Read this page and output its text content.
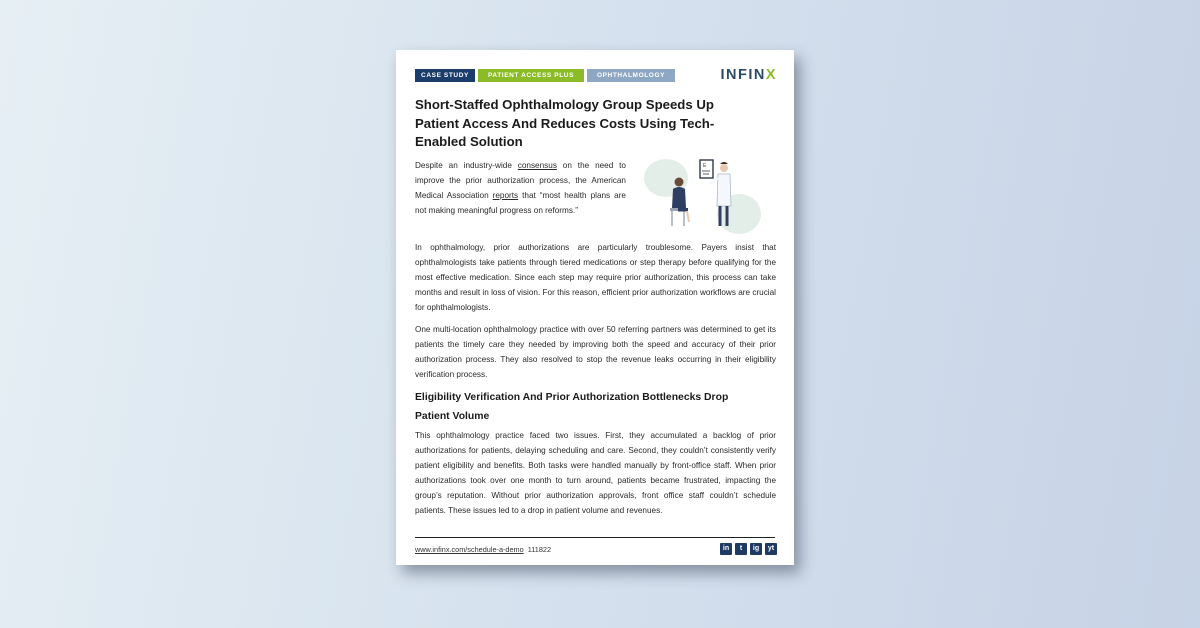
CASE STUDY	PATIENT ACCESS PLUS	OPHTHALMOLOGY	INFINX
Short-Staffed Ophthalmology Group Speeds Up Patient Access And Reduces Costs Using Tech-Enabled Solution

Despite an industry-wide consensus on the need to improve the prior authorization process, the American Medical Association reports that “most health plans are not making meaningful progress on reforms.”

E

In ophthalmology, prior authorizations are particularly troublesome. Payers insist that ophthalmologists take patients through tiered medications or step therapy before qualifying for the most effective medication. Since each step may require prior authorization, this process can take months and result in loss of vision. For this reason, efficient prior authorization workflows are crucial for ophthalmologists.

One multi-location ophthalmology practice with over 50 referring partners was determined to get its patients the timely care they needed by improving both the speed and accuracy of their prior authorization process. They also resolved to stop the revenue leaks occurring in their eligibility verification process.

Eligibility Verification And Prior Authorization Bottlenecks Drop Patient Volume

This ophthalmology practice faced two issues. First, they accumulated a backlog of prior authorizations for patients, delaying scheduling and care. Second, they couldn’t consistently verify patient eligibility and benefits. Both tasks were handled manually by front-office staff. When prior authorizations took over one month to turn around, patients became frustrated, impacting the group’s reputation. Without prior authorization approvals, front office staff couldn’t schedule patients. These issues led to a drop in patient volume and revenues.

www.infinx.com/schedule-a-demo 111822	in	t	ig	yt
